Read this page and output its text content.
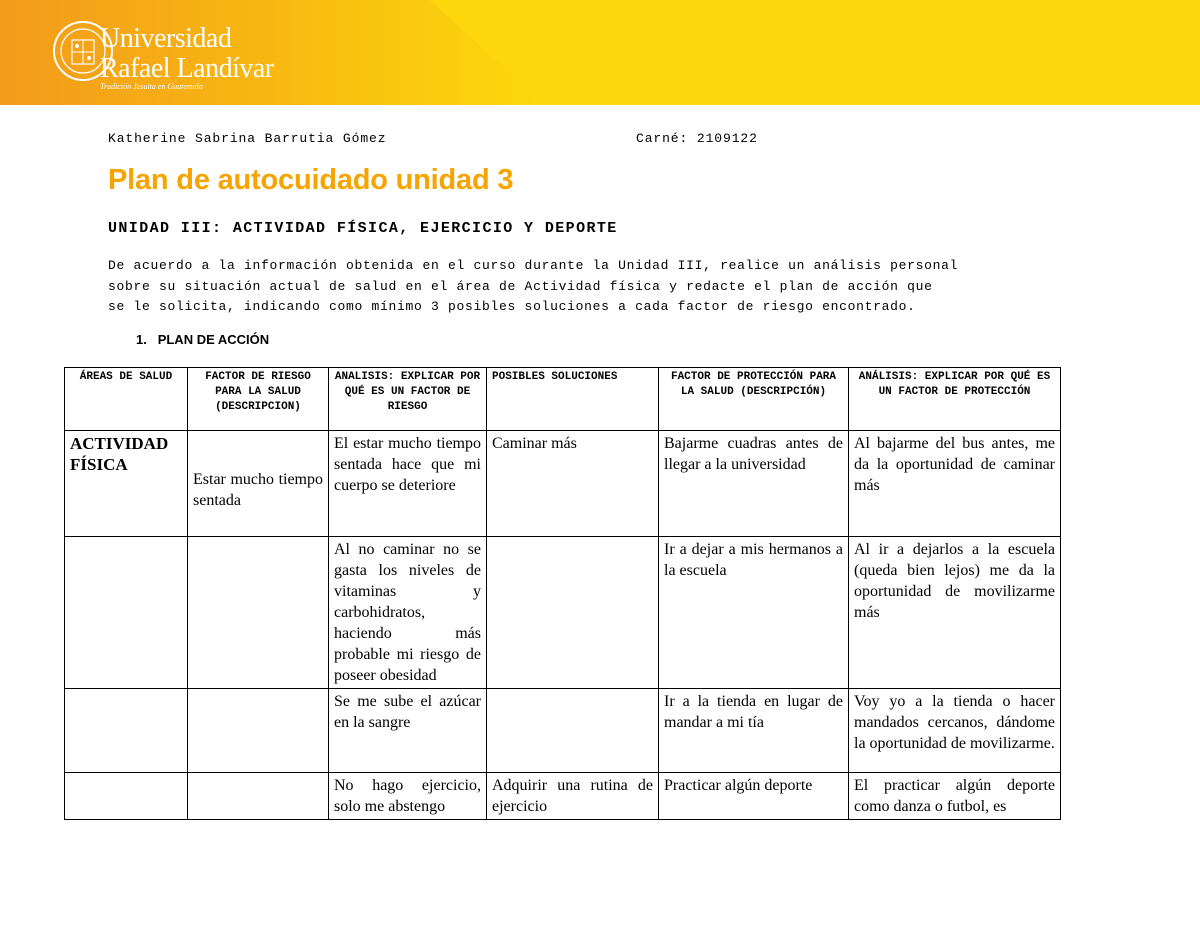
Universidad
Rafael Landívar
Tradición Jesuita en Guatemala
Katherine Sabrina Barrutia Gómez	Carné: 2109122
Plan de autocuidado unidad 3
UNIDAD III: ACTIVIDAD FÍSICA, EJERCICIO Y DEPORTE
De acuerdo a la información obtenida en el curso durante la Unidad III, realice un análisis personal
sobre su situación actual de salud en el área de Actividad física y redacte el plan de acción que
se le solicita, indicando como mínimo 3 posibles soluciones a cada factor de riesgo encontrado.
1. PLAN DE ACCIÓN
ÁREAS DE SALUD	FACTOR DE RIESGO PARA LA SALUD (DESCRIPCION)	ANALISIS: EXPLICAR POR QUÉ ES UN FACTOR DE RIESGO	POSIBLES SOLUCIONES	FACTOR DE PROTECCIÓN PARA LA SALUD (DESCRIPCIÓN)	ANÁLISIS: EXPLICAR POR QUÉ ES UN FACTOR DE PROTECCIÓN
ACTIVIDAD FÍSICA	Estar mucho tiempo sentada	El estar mucho tiempo sentada hace que mi cuerpo se deteriore	Caminar más	Bajarme cuadras antes de llegar a la universidad	Al bajarme del bus antes, me da la oportunidad de caminar más
		Al no caminar no se gasta los niveles de vitaminas y carbohidratos, haciendo más probable mi riesgo de poseer obesidad		Ir a dejar a mis hermanos a la escuela	Al ir a dejarlos a la escuela (queda bien lejos) me da la oportunidad de movilizarme más
		Se me sube el azúcar en la sangre		Ir a la tienda en lugar de mandar a mi tía	Voy yo a la tienda o hacer mandados cercanos, dándome la oportunidad de movilizarme.
		No hago ejercicio, solo me abstengo	Adquirir una rutina de ejercicio	Practicar algún deporte	El practicar algún deporte como danza o futbol, es
